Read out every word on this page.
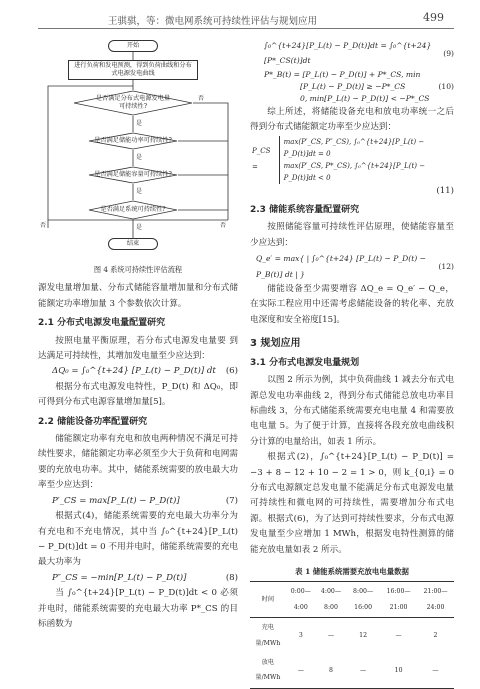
王骐骐，等：微电网系统可持续性评估与规划应用	499
开始
进行负荷和发电预测，得到负荷曲线和分布式电源发电曲线
是否满足分布式电源发电量可持续性?
是否满足储能功率可持续性?
是否满足储能容量可持续性?
是否满足系统可持续性?
结束
是
是
是
是
否
否	否
图 4 系统可持续性评估流程

源发电量增加量、分布式储能容量增加量和分布式储能额定功率增加量 3 个参数依次计算。

2.1 分布式电源发电量配置研究

按照电量平衡原理，若分布式电源发电量要 到达满足可持续性，其增加发电量至少应达到：

ΔQ₀ = ∫₀^{t+24} [P_L(t) − P_D(t)] dt (6)

根据分布式电源发电特性，P_D(t) 和 ΔQ₀，即可得到分布式电源容量增加量[5]。

2.2 储能设备功率配置研究

储能额定功率有充电和放电两种情况不满足可持续性要求，储能额定功率必须至少大于负荷和电网需要的充放电功率。其中，储能系统需要的放电最大功率至少应达到：

P′_CS = max[P_L(t) − P_D(t)]	(7)

根据式(4)，储能系统需要的充电最大功率分为有充电和不充电情况，其中当 ∫₀^{t+24}[P_L(t) − P_D(t)]dt = 0 不用并电时，储能系统需要的充电最大功率为

P″_CS = −min[P_L(t) − P_D(t)]	(8)

当 ∫₀^{t+24}[P_L(t) − P_D(t)]dt < 0 必须并电时，储能系统需要的充电最大功率 P*_CS 的目标函数为

∫₀^{t+24}[P_L(t) − P_D(t)]dt = ∫₀^{t+24}[P*_CS(t)]dt
(9)
P*_B(t) = [P_L(t) − P_D(t)] + P*_CS, min
[P_L(t) − P_D(t)] ≥ −P*_CS
0, min[P_L(t) − P_D(t)] < −P*_CS
(10)

综上所述，将储能设备充电和放电功率统一之后得到分布式储能额定功率至少应达到：

P_CS =
max(P′_CS, P″_CS), ∫₀^{t+24}[P_L(t) − P_D(t)]dt = 0
max(P′_CS, P*_CS), ∫₀^{t+24}[P_L(t) − P_D(t)]dt < 0
(11)
2.3 储能系统容量配置研究

按照储能容量可持续性评估原理，使储能容量至少应达到：

Q_e′ = max{ | ∫₀^{t+24} [P_L(t) − P_D(t) − P_B(t)] dt | }
(12)

储能设备至少需要增容 ΔQ_e = Q_e′ − Q_e，在实际工程应用中还需考虑储能设备的转化率、充放电深度和安全裕度[15]。

3 规划应用
3.1 分布式电源发电量规划

以图 2 所示为例，其中负荷曲线 1 减去分布式电源总发电功率曲线 2，得到分布式储能总放电功率目标曲线 3，分布式储能系统需要充电电量 4 和需要放电电量 5。为了便于计算，直接将各段充放电曲线积分计算的电量给出，如表 1 所示。

根据式(2)，∫₀^{t+24}[P_L(t) − P_D(t)] = −3 + 8 − 12 + 10 − 2 = 1 > 0，则 k_{0,i} = 0 分布式电源额定总发电量不能满足分布式电源发电量可持续性和微电网的可持续性，需要增加分布式电源。根据式(6)，为了达到可持续性要求，分布式电源发电量至少应增加 1 MWh，根据发电特性测算的储能充放电量如表 2 所示。

表 1 储能系统需要充放电电量数据
时间	0:00—4:00	4:00—8:00	8:00—16:00	16:00—21:00	21:00—24:00
充电量/MWh	3	—	12	—	2
放电量/MWh	—	8	—	10	—
